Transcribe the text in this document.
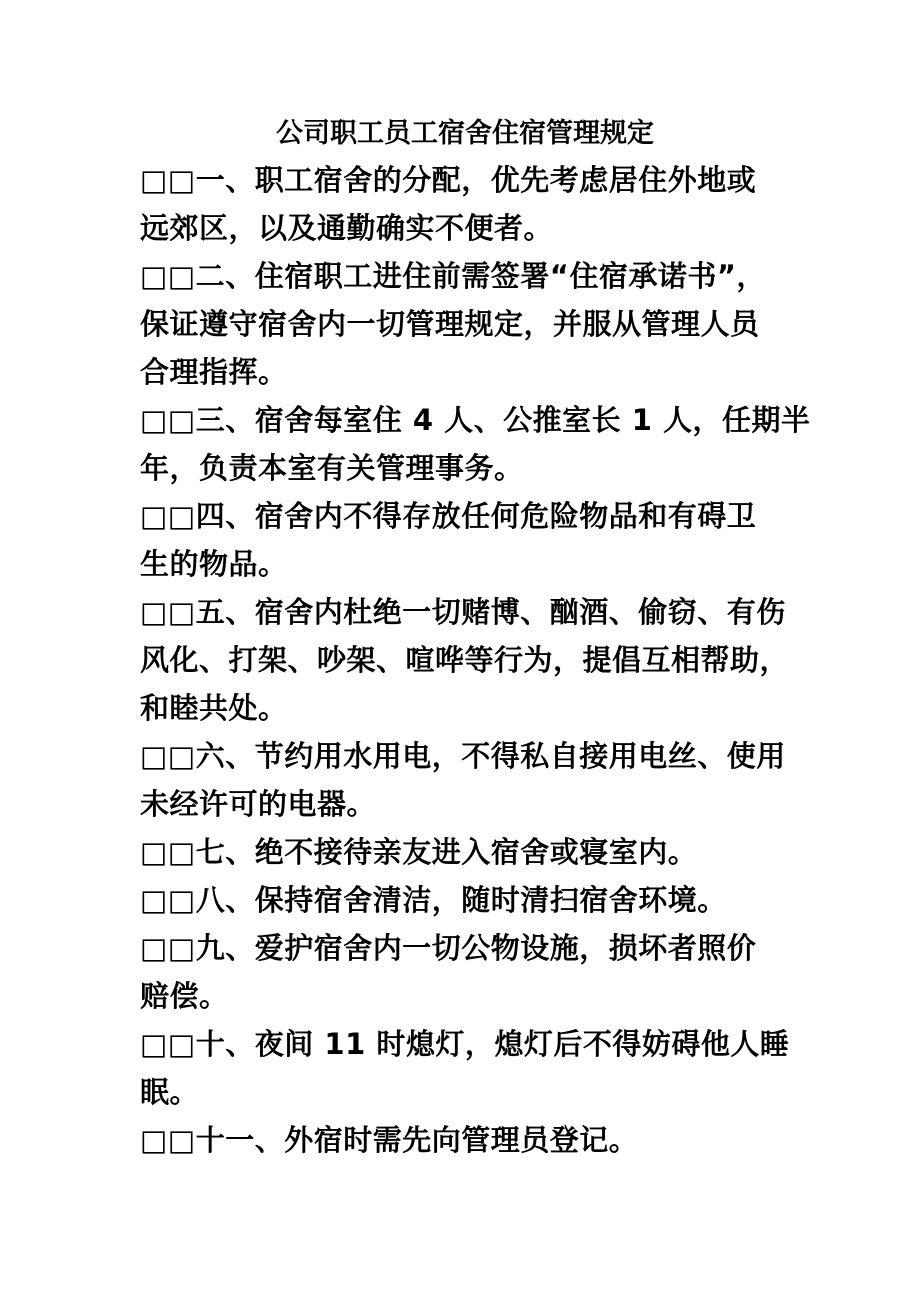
公司职工员工宿舍住宿管理规定
□□一、职工宿舍的分配，优先考虑居住外地或
远郊区，以及通勤确实不便者。
□□二、住宿职工进住前需签署“住宿承诺书”，
保证遵守宿舍内一切管理规定，并服从管理人员
合理指挥。
□□三、宿舍每室住 4 人、公推室长 1 人，任期半
年，负责本室有关管理事务。
□□四、宿舍内不得存放任何危险物品和有碍卫
生的物品。
□□五、宿舍内杜绝一切赌博、酗酒、偷窃、有伤
风化、打架、吵架、喧哗等行为，提倡互相帮助，
和睦共处。
□□六、节约用水用电，不得私自接用电丝、使用
未经许可的电器。
□□七、绝不接待亲友进入宿舍或寝室内。
□□八、保持宿舍清洁，随时清扫宿舍环境。
□□九、爱护宿舍内一切公物设施，损坏者照价
赔偿。
□□十、夜间 11 时熄灯，熄灯后不得妨碍他人睡
眠。
□□十一、外宿时需先向管理员登记。
